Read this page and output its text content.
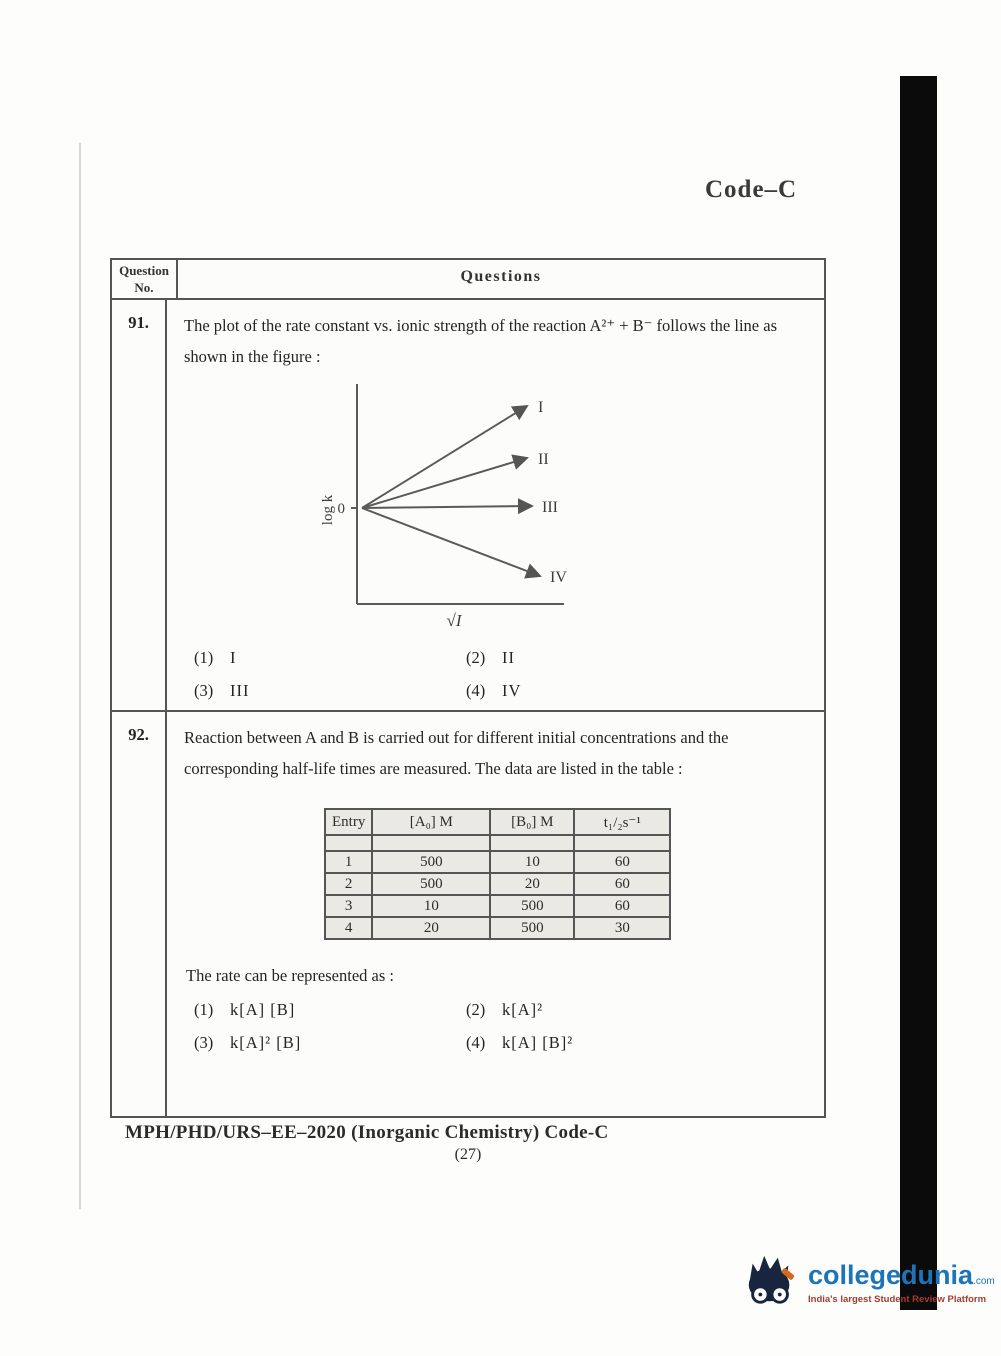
Code–C
Question
No.
Questions
91.	The plot of the rate constant vs. ionic strength of the reaction A²⁺ + B⁻ follows the line as shown in the figure :
log k 0
I
II
III
IV
√I
(1)	I	(2)	II
(3)	III	(4)	IV
92.	Reaction between A and B is carried out for different initial concentrations and the corresponding half-life times are measured. The data are listed in the table :
Entry	[A₀] M	[B₀] M	t₁/₂s⁻¹

1	500	10	60
2	500	20	60
3	10	500	60
4	20	500	30
The rate can be represented as :
(1)	k[A] [B]	(2)	k[A]²
(3)	k[A]² [B]	(4)	k[A] [B]²
MPH/PHD/URS–EE–2020 (Inorganic Chemistry) Code-C
(27)
collegedunia.com
India's largest Student Review Platform
